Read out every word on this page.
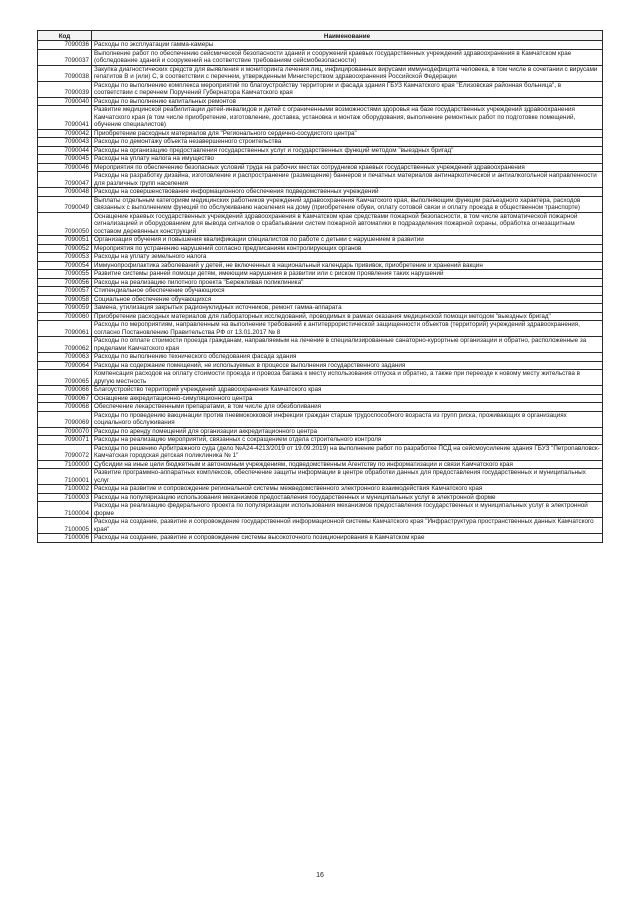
Код	Наименование
7090036	Расходы по эксплуатации гамма-камеры
7090037	Выполнение работ по обеспечению сейсмической безопасности зданий и сооружений краевых государственных учреждений здравоохранения в Камчатском крае (обследование зданий и сооружений на соответствие требованиям сейсмобезопасности)
7090038	Закупка диагностических средств для выявления и мониторинга лечения лиц, инфицированных вирусами иммунодефицита человека, в том числе в сочетании с вирусами гепатитов B и (или) C, в соответствии с перечнем, утвержденным Министерством здравоохранения Российской Федерации
7090039	Расходы по выполнению комплекса мероприятий по благоустройству территории и фасада здания ГБУЗ Камчатского края "Елизовская районная больница", в соответствии с перечнем Поручений Губернатора Камчатского края
7090040	Расходы по выполнению капитальных ремонтов
7090041	Развитие медицинской реабилитации детей-инвалидов и детей с ограниченными возможностями здоровья на базе государственных учреждений здравоохранения Камчатского края (в том числе приобретение, изготовление, доставка, установка и монтаж оборудования, выполнение ремонтных работ по подготовке помещений, обучение специалистов)
7090042	Приобретение расходных материалов для "Регионального сердечно-сосудистого центра"
7090043	Расходы по демонтажу объекта незавершенного строительства
7090044	Расходы на организацию предоставления государственных услуг и государственных функций методом "выездных бригад"
7090045	Расходы на уплату налога на имущество
7090046	Мероприятия по обеспечению безопасных условий труда на рабочих местах сотрудников краевых государственных учреждений здравоохранения
7090047	Расходы на разработку дизайна, изготовление и распространение (размещение) баннеров и печатных материалов антинаркотической и антиалкогольной направленности для различных групп населения
7090048	Расходы на совершенствование информационного обеспечения подведомственных учреждений
7090049	Выплаты отдельным категориям медицинских работников учреждений здравоохранения Камчатского края, выполняющим функции разъездного характера, расходов связанных с выполнением функций по обслуживанию населения на дому (приобретение обуви, оплату сотовой связи и оплату проезда в общественном транспорте)
7090050	Оснащение краевых государственных учреждений здравоохранения в Камчатском крае средствами пожарной безопасности, в том числе автоматической пожарной сигнализацией и оборудованием для вывода сигналов о срабатывании систем пожарной автоматики в подразделения пожарной охраны, обработка огнезащитным составом деревянных конструкций
7090051	Организация обучения и повышения квалификации специалистов по работе с детьми с нарушением в развитии
7090052	Мероприятия по устранению нарушений согласно предписаниям контролирующих органов
7090053	Расходы на уплату земельного налога
7090054	Иммунопрофилактика заболеваний у детей, не включенных в национальный календарь прививок, приобретение и хранений вакцин
7090055	Развитие системы ранней помощи детям, имеющим нарушения в развитии или с риском проявления таких нарушений
7090056	Расходы на реализацию пилотного проекта "Бережливая поликлиника"
7090057	Стипендиальное обеспечение обучающихся
7090058	Социальное обеспечение обучающихся
7090059	Замена, утилизация закрытых радионуклидных источников, ремонт гамма-аппарата
7090060	Приобретение расходных материалов для лабораторных исследований, проводимых в рамках оказания медицинской помощи методом "выездных бригад"
7090061	Расходы по мероприятиям, направленным на выполнение требований к антитеррористической защищенности объектов (территорий) учреждений здравоохранения, согласно Постановлению Правительства РФ от 13.01.2017 № 8
7090062	Расходы по оплате стоимости проезда гражданам, направляемым на лечение в специализированные санаторно-курортные организации и обратно, расположенные за пределами Камчатского края
7090063	Расходы по выполнению технического обследования фасада здания
7090064	Расходы на содержание помещений, не используемых в процессе выполнения государственного задания
7090065	Компенсация расходов на оплату стоимости проезда и провоза багажа к месту использования отпуска и обратно, а также при переезде к новому месту жительства в другую местность
7090066	Благоустройство территорий учреждений здравоохранения Камчатского края
7090067	Оснащение аккредитационно-симуляционного центра
7090068	Обеспечение лекарственными препаратами, в том числе для обезболивания
7090069	Расходы по проведению вакцинации против пневмококковой инфекции граждан старше трудоспособного возраста из групп риска, проживающих в организациях социального обслуживания
7090070	Расходы по аренду помещений для организации аккредитационного центра
7090071	Расходы на реализацию мероприятий, связанных с сокращением отдела строительного контроля
7090072	Расходы по решению Арбитражного суда (дело №А24-4213/2019 от 19.09.2019) на выполнение работ по разработке ПСД на сейсмоусиление здания ГБУЗ "Петропавловск-Камчатская городская детская поликлиника № 1"
7100000	Субсидии на иные цели бюджетным и автономным учреждениям, подведомственным Агентству по информатизации и связи Камчатского края
7100001	Развитие программно-аппаратных комплексов, обеспечение защиты информации в центре обработки данных для предоставления государственных и муниципальных услуг
7100002	Расходы на развитие и сопровождение региональной системы межведомственного электронного взаимодействия Камчатского края
7100003	Расходы на популяризацию использования механизмов предоставления государственных и муниципальных услуг в электронной форме
7100004	Расходы на реализацию федерального проекта по популяризации использования механизмов предоставления государственных и муниципальных услуг в электронной форме
7100005	Расходы на создание, развитие и сопровождение государственной информационной системы Камчатского края "Инфраструктура пространственных данных Камчатского края"
7100006	Расходы на создание, развитие и сопровождение системы высокоточного позиционирования в Камчатском крае
16
